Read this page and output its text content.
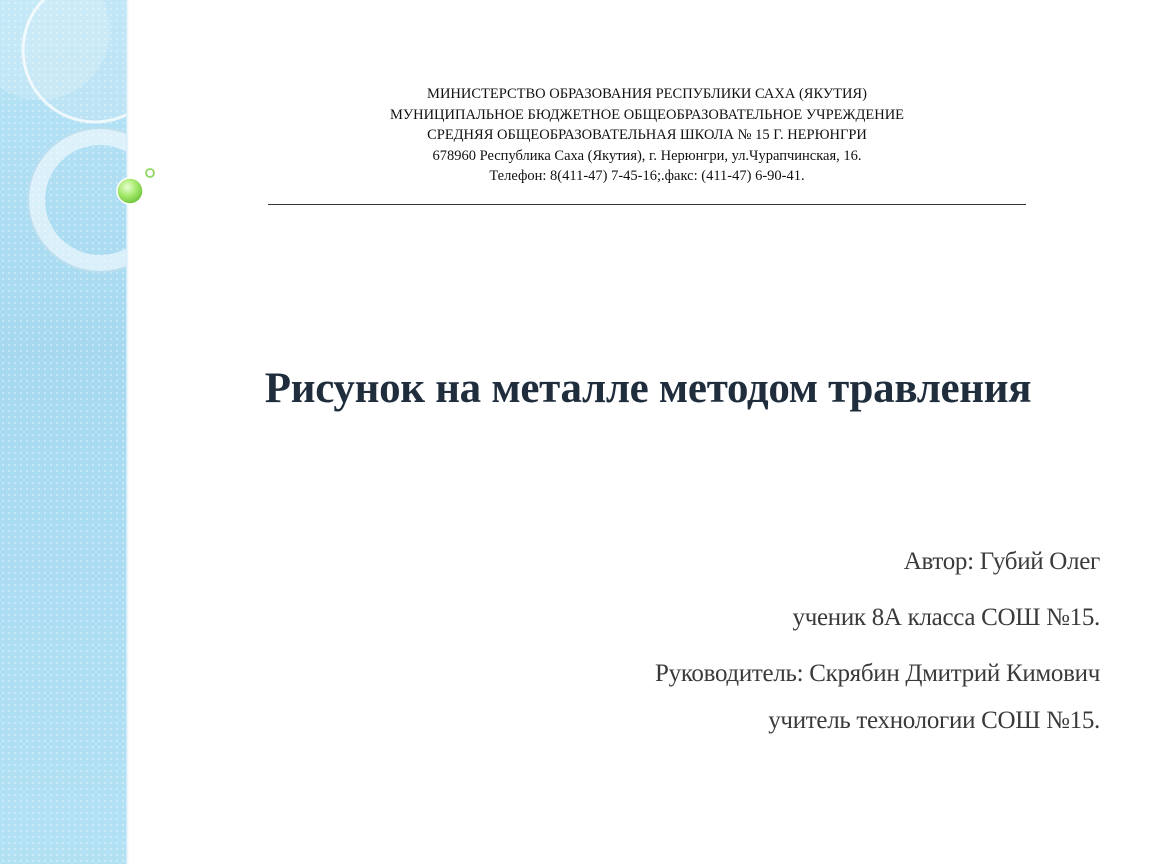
МИНИСТЕРСТВО ОБРАЗОВАНИЯ РЕСПУБЛИКИ САХА (ЯКУТИЯ)
МУНИЦИПАЛЬНОЕ БЮДЖЕТНОЕ ОБЩЕОБРАЗОВАТЕЛЬНОЕ УЧРЕЖДЕНИЕ
СРЕДНЯЯ ОБЩЕОБРАЗОВАТЕЛЬНАЯ ШКОЛА № 15 Г. НЕРЮНГРИ
678960 Республика Саха (Якутия), г. Нерюнгри, ул.Чурапчинская, 16.
Телефон: 8(411-47) 7-45-16;.факс: (411-47) 6-90-41.
Рисунок на металле методом травления
Автор: Губий Олег
ученик 8А класса СОШ №15.
Руководитель: Скрябин Дмитрий Кимович
учитель технологии СОШ №15.
